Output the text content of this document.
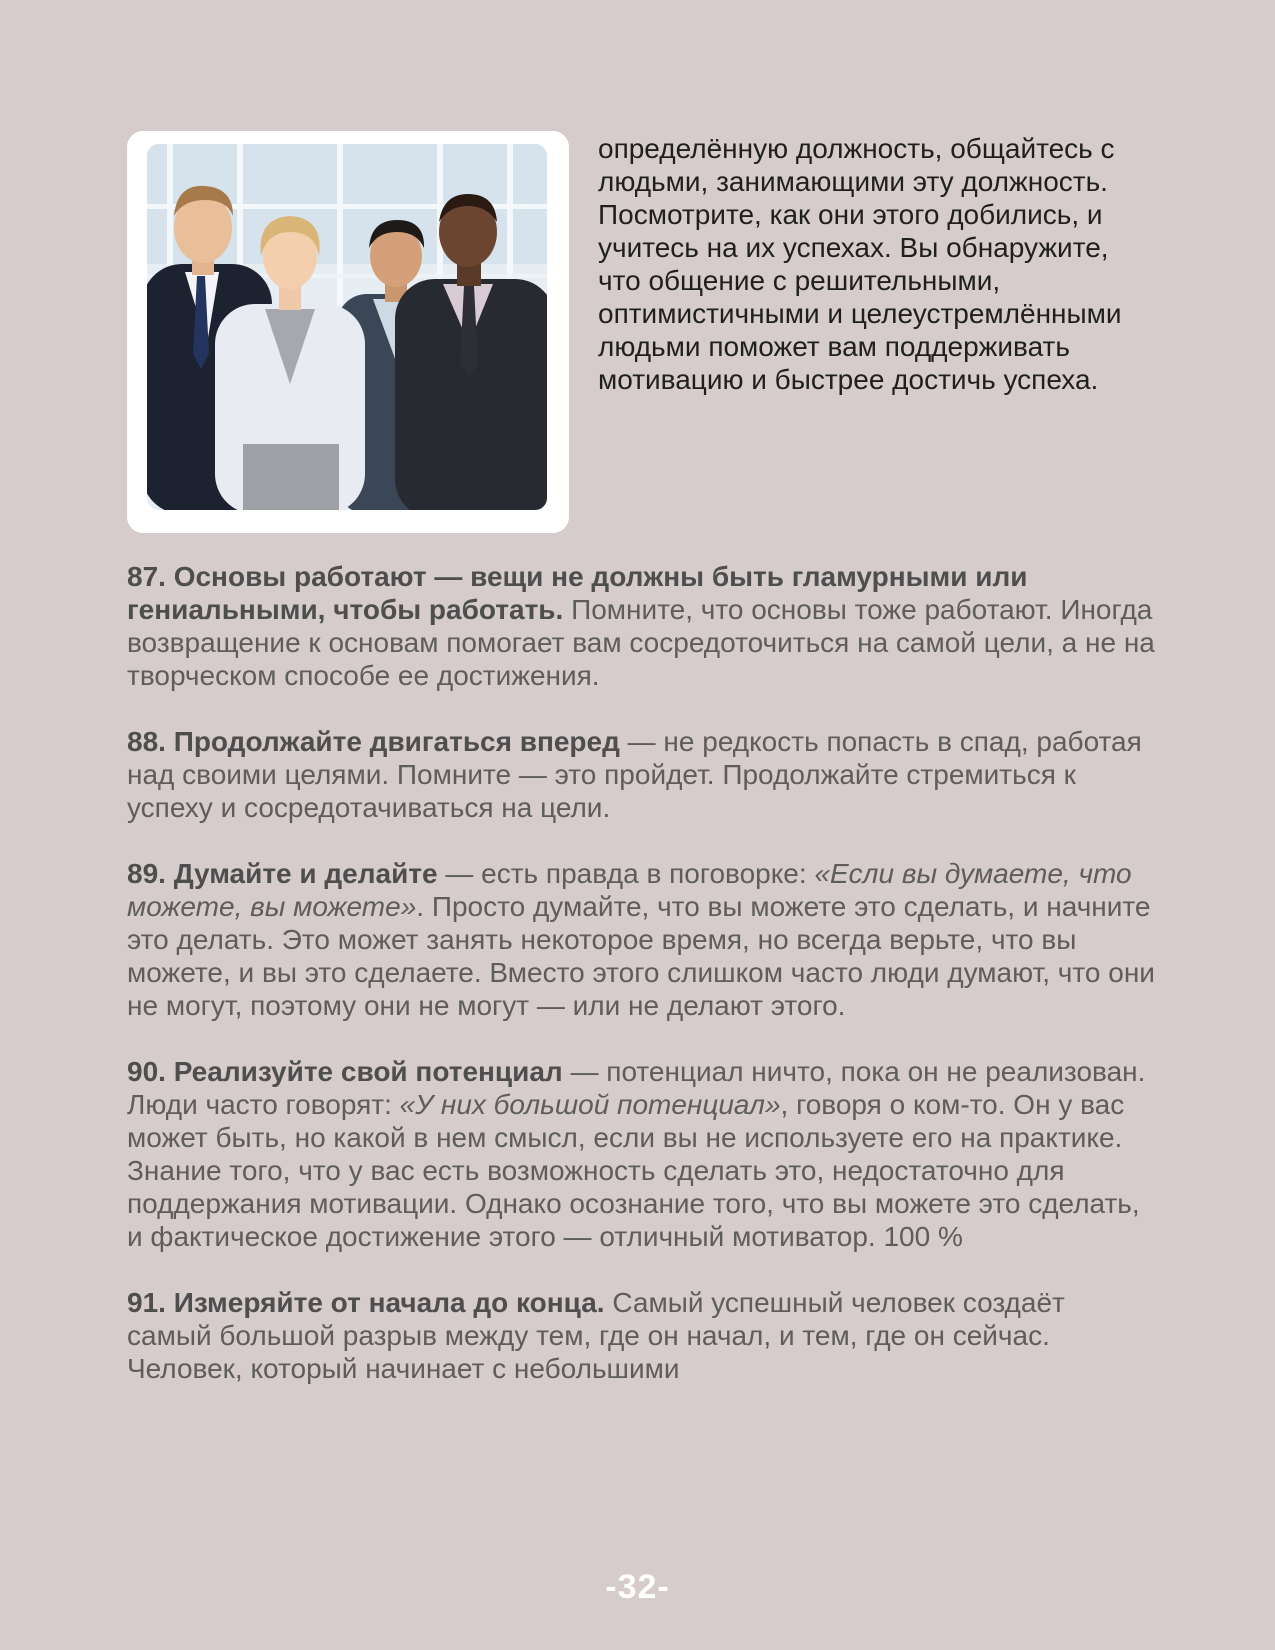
определённую должность, общайтесь с людьми, занимающими эту должность. Посмотрите, как они этого добились, и учитесь на их успехах. Вы обнаружите, что общение с решительными, оптимистичными и целеустремлёнными людьми поможет вам поддерживать мотивацию и быстрее достичь успеха.

87. Основы работают — вещи не должны быть гламурными или гениальными, чтобы работать. Помните, что основы тоже работают. Иногда возвращение к основам помогает вам сосредоточиться на самой цели, а не на творческом способе ее достижения.

88. Продолжайте двигаться вперед — не редкость попасть в спад, работая над своими целями. Помните — это пройдет. Продолжайте стремиться к успеху и сосредотачиваться на цели.

89. Думайте и делайте — есть правда в поговорке: «Если вы думаете, что можете, вы можете». Просто думайте, что вы можете это сделать, и начните это делать. Это может занять некоторое время, но всегда верьте, что вы можете, и вы это сделаете. Вместо этого слишком часто люди думают, что они не могут, поэтому они не могут — или не делают этого.

90. Реализуйте свой потенциал — потенциал ничто, пока он не реализован. Люди часто говорят: «У них большой потенциал», говоря о ком-то. Он у вас может быть, но какой в нем смысл, если вы не используете его на практике. Знание того, что у вас есть возможность сделать это, недостаточно для поддержания мотивации. Однако осознание того, что вы можете это сделать, и фактическое достижение этого — отличный мотиватор. 100 %

91. Измеряйте от начала до конца. Самый успешный человек создаёт самый большой разрыв между тем, где он начал, и тем, где он сейчас. Человек, который начинает с небольшими

-32-
